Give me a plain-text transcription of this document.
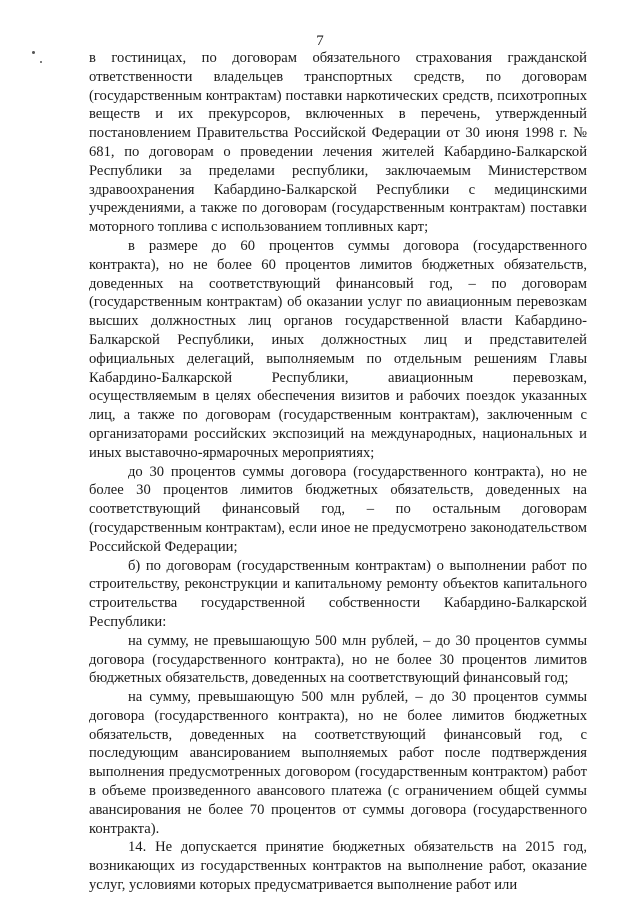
7

в гостиницах, по договорам обязательного страхования гражданской ответственности владельцев транспортных средств, по договорам (государственным контрактам) поставки наркотических средств, психотропных веществ и их прекурсоров, включенных в перечень, утвержденный постановлением Правительства Российской Федерации от 30 июня 1998 г. № 681, по договорам о проведении лечения жителей Кабардино-Балкарской Республики за пределами республики, заключаемым Министерством здравоохранения Кабардино-Балкарской Республики с медицинскими учреждениями, а также по договорам (государственным контрактам) поставки моторного топлива с использованием топливных карт;

в размере до 60 процентов суммы договора (государственного контракта), но не более 60 процентов лимитов бюджетных обязательств, доведенных на соответствующий финансовый год, – по договорам (государственным контрактам) об оказании услуг по авиационным перевозкам высших должностных лиц органов государственной власти Кабардино-Балкарской Республики, иных должностных лиц и представителей официальных делегаций, выполняемым по отдельным решениям Главы Кабардино-Балкарской Республики, авиационным перевозкам, осуществляемым в целях обеспечения визитов и рабочих поездок указанных лиц, а также по договорам (государственным контрактам), заключенным с организаторами российских экспозиций на международных, национальных и иных выставочно-ярмарочных мероприятиях;

до 30 процентов суммы договора (государственного контракта), но не более 30 процентов лимитов бюджетных обязательств, доведенных на соответствующий финансовый год, – по остальным договорам (государственным контрактам), если иное не предусмотрено законодательством Российской Федерации;

б) по договорам (государственным контрактам) о выполнении работ по строительству, реконструкции и капитальному ремонту объектов капитального строительства государственной собственности Кабардино-Балкарской Республики:

на сумму, не превышающую 500 млн рублей, – до 30 процентов суммы договора (государственного контракта), но не более 30 процентов лимитов бюджетных обязательств, доведенных на соответствующий финансовый год;

на сумму, превышающую 500 млн рублей, – до 30 процентов суммы договора (государственного контракта), но не более лимитов бюджетных обязательств, доведенных на соответствующий финансовый год, с последующим авансированием выполняемых работ после подтверждения выполнения предусмотренных договором (государственным контрактом) работ в объеме произведенного авансового платежа (с ограничением общей суммы авансирования не более 70 процентов от суммы договора (государственного контракта).

14. Не допускается принятие бюджетных обязательств на 2015 год, возникающих из государственных контрактов на выполнение работ, оказание услуг, условиями которых предусматривается выполнение работ или
